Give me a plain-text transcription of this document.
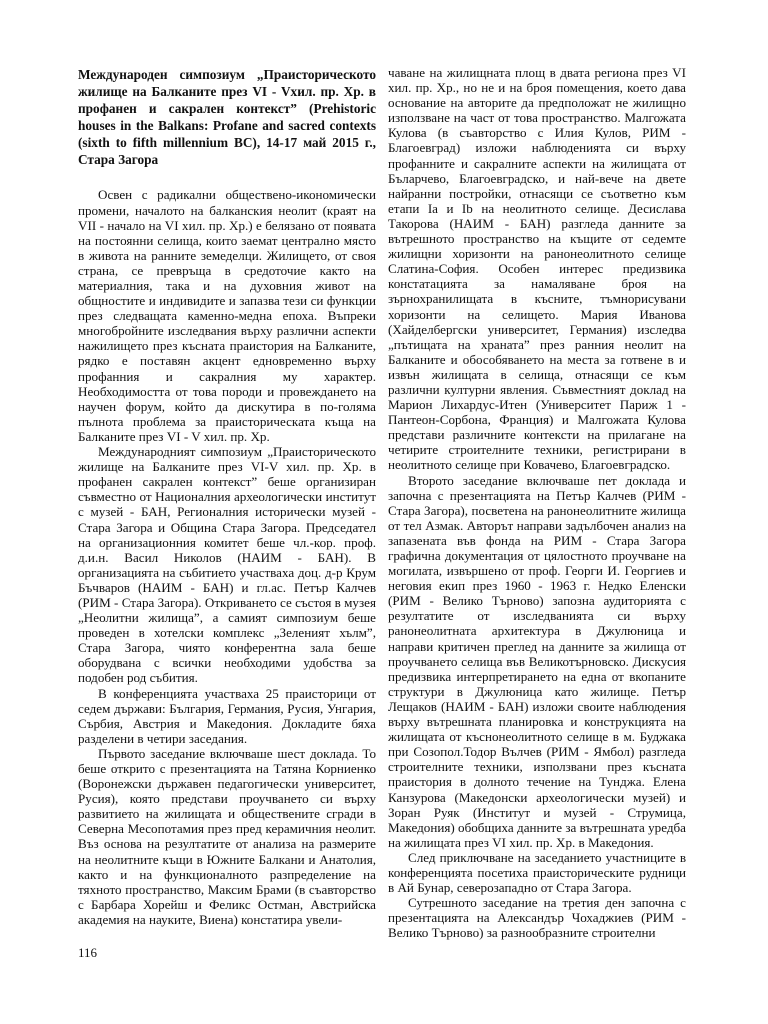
Международен симпозиум „Праисторическото жилище на Балканите през VI - Vхил. пр. Хр. в профанен и сакрален контекст” (Prehistoric houses in the Balkans: Profane and sacred contexts (sixth to fifth millennium BC), 14-17 май 2015 г., Стара Загора

Освен с радикални обществено-икономически промени, началото на балканския неолит (краят на VII - начало на VI хил. пр. Хр.) е белязано от появата на постоянни селища, които заемат централно място в живота на ранните земеделци. Жилището, от своя страна, се превръща в средоточие както на материалния, така и на духовния живот на общностите и индивидите и запазва тези си функции през следващата каменно-медна епоха. Въпреки многобройните изследвания върху различни аспекти нажилището през късната праистория на Балканите, рядко е поставян акцент едновременно върху профанния и сакралния му характер. Необходимостта от това породи и провеждането на научен форум, който да дискутира в по-голяма пълнота проблема за праисторическата къща на Балканите през VI - V хил. пр. Хр.

Международният симпозиум „Праисторическото жилище на Балканите през VI-V хил. пр. Хр. в профанен сакрален контекст” беше организиран съвместно от Националния археологически институт с музей - БАН, Регионалния исторически музей - Стара Загора и Община Стара Загора. Председател на организационния комитет беше чл.-кор. проф. д.и.н. Васил Николов (НАИМ - БАН). В организацията на събитието участваха доц. д-р Крум Бъчваров (НАИМ - БАН) и гл.ас. Петър Калчев (РИМ - Стара Загора). Откриването се състоя в музея „Неолитни жилища”, а самият симпозиум беше проведен в хотелски комплекс „Зеленият хълм”, Стара Загора, чиято конферентна зала беше оборудвана с всички необходими удобства за подобен род събития.

В конференцията участваха 25 праисторици от седем държави: България, Германия, Русия, Унгария, Сърбия, Австрия и Македония. Докладите бяха разделени в четири заседания.

Първото заседание включваше шест доклада. То беше открито с презентацията на Татяна Корниенко (Воронежски държавен педагогически университет, Русия), която представи проучването си върху развитието на жилищата и обществените сгради в Северна Месопотамия през пред керамичния неолит. Въз основа на резултатите от анализа на размерите на неолитните къщи в Южните Балкани и Анатолия, както и на функционалното разпределение на тяхното пространство, Максим Брами (в съавторство с Барбара Хорейш и Феликс Остман, Австрийска академия на науките, Виена) констатира увели-

чаване на жилищната площ в двата региона през VI хил. пр. Хр., но не и на броя помещения, което дава основание на авторите да предположат не жилищно използване на част от това пространство. Малгожата Кулова (в съавторство с Илия Кулов, РИМ - Благоевград) изложи наблюденията си върху профанните и сакралните аспекти на жилищата от Бъларчево, Благоевградско, и най-вече на двете найранни постройки, отнасящи се съответно към етапи Ia и Ib на неолитното селище. Десислава Такорова (НАИМ - БАН) разгледа данните за вътрешното пространство на къщите от седемте жилищни хоризонти на ранонеолитното селище Слатина-София. Особен интерес предизвика констатацията за намаляване броя на зърнохранилищата в късните, тъмнорисувани хоризонти на селището. Мария Иванова (Хайделбергски университет, Германия) изследва „пътищата на храната” през ранния неолит на Балканите и обособяването на места за готвене в и извън жилищата в селища, отнасящи се към различни културни явления. Съвместният доклад на Марион Лихардус-Итен (Университет Париж 1 - Пантеон-Сорбона, Франция) и Малгожата Кулова представи различните контексти на прилагане на четирите строителните техники, регистрирани в неолитното селище при Ковачево, Благоевградско.

Второто заседание включваше пет доклада и започна с презентацията на Петър Калчев (РИМ - Стара Загора), посветена на ранонеолитните жилища от тел Азмак. Авторът направи задълбочен анализ на запазената във фонда на РИМ - Стара Загора графична документация от цялостното проучване на могилата, извършено от проф. Георги И. Георгиев и неговия екип през 1960 - 1963 г. Недко Еленски (РИМ - Велико Търново) запозна аудиторията с резултатите от изследванията си върху ранонеолитната архитектура в Джулюница и направи критичен преглед на данните за жилища от проучването селища във Великотърновско. Дискусия предизвика интерпретирането на една от вкопаните структури в Джулюница като жилище. Петър Лещаков (НАИМ - БАН) изложи своите наблюдения върху вътрешната планировка и конструкцията на жилищата от къснонеолитното селище в м. Буджака при Созопол.Тодор Вълчев (РИМ - Ямбол) разгледа строителните техники, използвани през късната праистория в долното течение на Тунджа. Елена Канзурова (Македонски археологически музей) и Зоран Руяк (Институт и музей - Струмица, Македония) обобщиха данните за вътрешната уредба на жилищата през VI хил. пр. Хр. в Македония.

След приключване на заседанието участниците в конференцията посетиха праисторическите рудници в Ай Бунар, северозападно от Стара Загора.

Сутрешното заседание на третия ден започна с презентацията на Александър Чохаджиев (РИМ - Велико Търново) за разнообразните строителни

116
